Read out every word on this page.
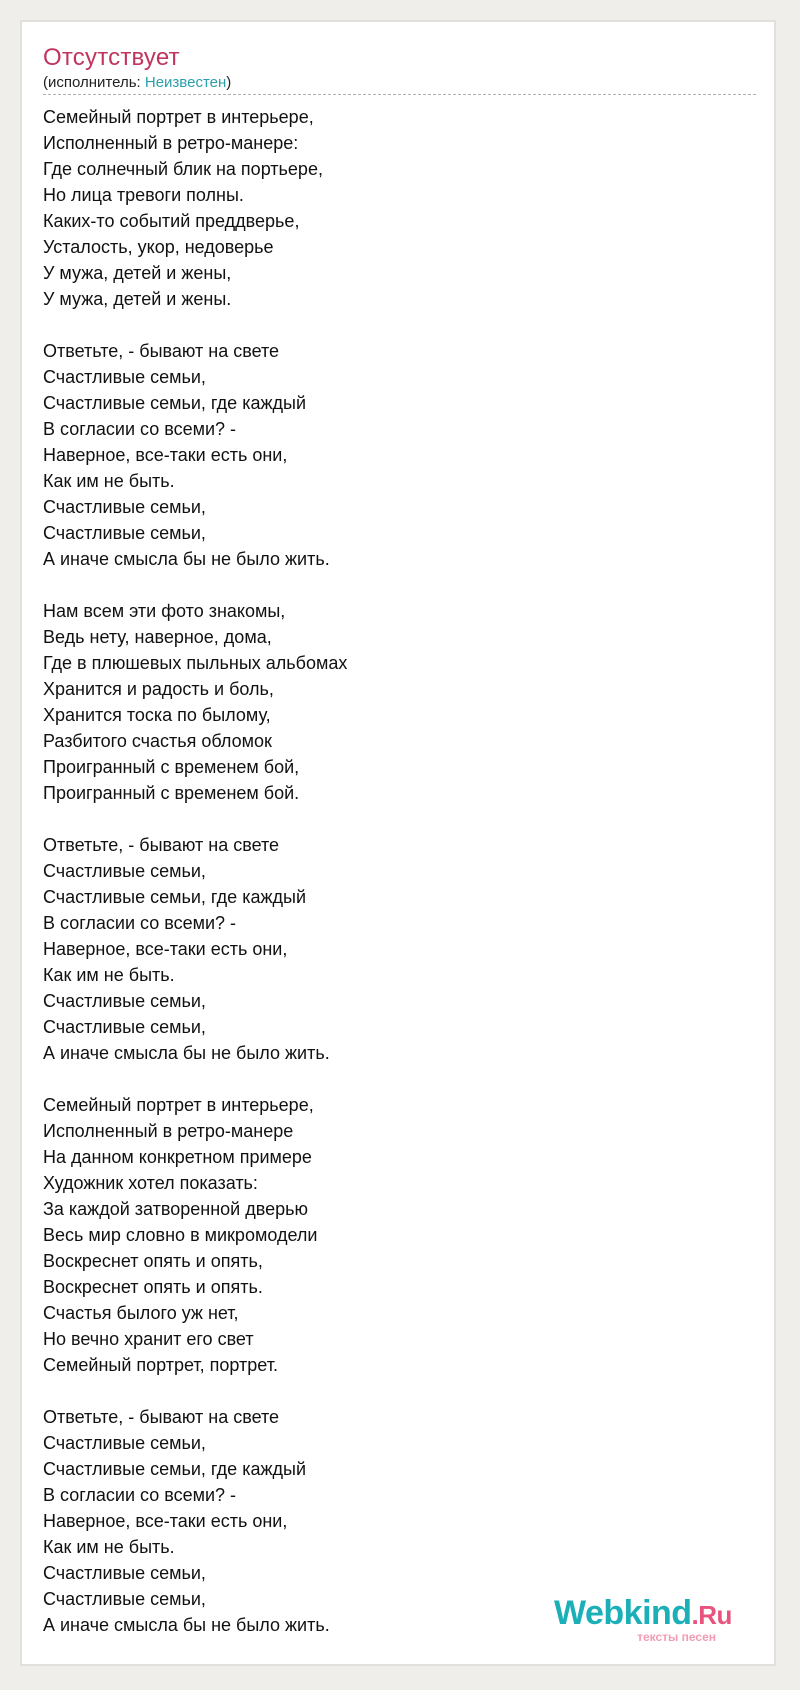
Отсутствует
(исполнитель: Неизвестен)
Семейный портрет в интерьере,
Исполненный в ретро-манере:
Где солнечный блик на портьере,
Но лица тревоги полны.
Каких-то событий преддверье,
Усталость, укор, недоверье
У мужа, детей и жены,
У мужа, детей и жены.
Ответьте, - бывают на свете
Счастливые семьи,
Счастливые семьи, где каждый
В согласии со всеми? -
Наверное, все-таки есть они,
Как им не быть.
Счастливые семьи,
Счастливые семьи,
А иначе смысла бы не было жить.
Нам всем эти фото знакомы,
Ведь нету, наверное, дома,
Где в плюшевых пыльных альбомах
Хранится и радость и боль,
Хранится тоска по былому,
Разбитого счастья обломок
Проигранный с временем бой,
Проигранный с временем бой.
Ответьте, - бывают на свете
Счастливые семьи,
Счастливые семьи, где каждый
В согласии со всеми? -
Наверное, все-таки есть они,
Как им не быть.
Счастливые семьи,
Счастливые семьи,
А иначе смысла бы не было жить.
Семейный портрет в интерьере,
Исполненный в ретро-манере
На данном конкретном примере
Художник хотел показать:
За каждой затворенной дверью
Весь мир словно в микромодели
Воскреснет опять и опять,
Воскреснет опять и опять.
Счастья былого уж нет,
Но вечно хранит его свет
Семейный портрет, портрет.
Ответьте, - бывают на свете
Счастливые семьи,
Счастливые семьи, где каждый
В согласии со всеми? -
Наверное, все-таки есть они,
Как им не быть.
Счастливые семьи,
Счастливые семьи,
А иначе смысла бы не было жить.	Webkind.Ru
тексты песен
